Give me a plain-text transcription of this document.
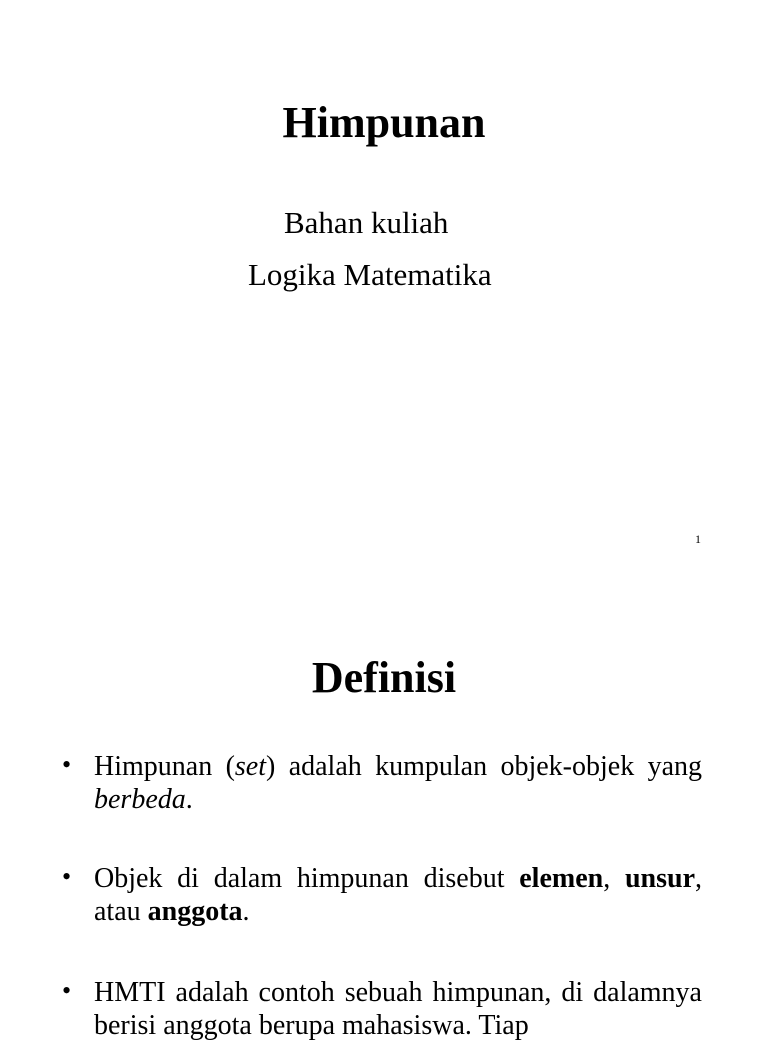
Himpunan
Bahan kuliah
Logika Matematika
1
Definisi
• Himpunan (set) adalah kumpulan objek-objek yang berbeda.
• Objek di dalam himpunan disebut elemen, unsur, atau anggota.
• HMTI adalah contoh sebuah himpunan, di dalamnya berisi anggota berupa mahasiswa. Tiap
